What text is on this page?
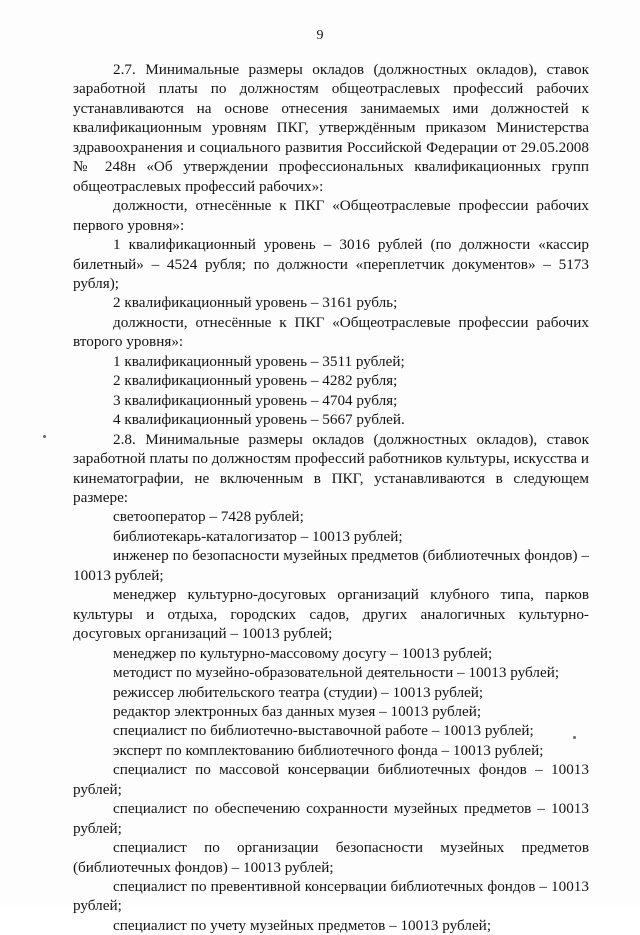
9

2.7. Минимальные размеры окладов (должностных окладов), ставок заработной платы по должностям общеотраслевых профессий рабочих устанавливаются на основе отнесения занимаемых ими должностей к квалификационным уровням ПКГ, утверждённым приказом Министерства здравоохранения и социального развития Российской Федерации от 29.05.2008 № 248н «Об утверждении профессиональных квалификационных групп общеотраслевых профессий рабочих»:

должности, отнесённые к ПКГ «Общеотраслевые профессии рабочих первого уровня»:

1 квалификационный уровень – 3016 рублей (по должности «кассир билетный» – 4524 рубля; по должности «переплетчик документов» – 5173 рубля);

2 квалификационный уровень – 3161 рубль;

должности, отнесённые к ПКГ «Общеотраслевые профессии рабочих второго уровня»:

1 квалификационный уровень – 3511 рублей;

2 квалификационный уровень – 4282 рубля;

3 квалификационный уровень – 4704 рубля;

4 квалификационный уровень – 5667 рублей.

2.8. Минимальные размеры окладов (должностных окладов), ставок заработной платы по должностям профессий работников культуры, искусства и кинематографии, не включенным в ПКГ, устанавливаются в следующем размере:

светооператор – 7428 рублей;

библиотекарь-каталогизатор – 10013 рублей;

инженер по безопасности музейных предметов (библиотечных фондов) – 10013 рублей;

менеджер культурно-досуговых организаций клубного типа, парков культуры и отдыха, городских садов, других аналогичных культурно-досуговых организаций – 10013 рублей;

менеджер по культурно-массовому досугу – 10013 рублей;

методист по музейно-образовательной деятельности – 10013 рублей;

режиссер любительского театра (студии) – 10013 рублей;

редактор электронных баз данных музея – 10013 рублей;

специалист по библиотечно-выставочной работе – 10013 рублей;

эксперт по комплектованию библиотечного фонда – 10013 рублей;

специалист по массовой консервации библиотечных фондов – 10013 рублей;

специалист по обеспечению сохранности музейных предметов – 10013 рублей;

специалист по организации безопасности музейных предметов (библиотечных фондов) – 10013 рублей;

специалист по превентивной консервации библиотечных фондов – 10013 рублей;

специалист по учету музейных предметов – 10013 рублей;
